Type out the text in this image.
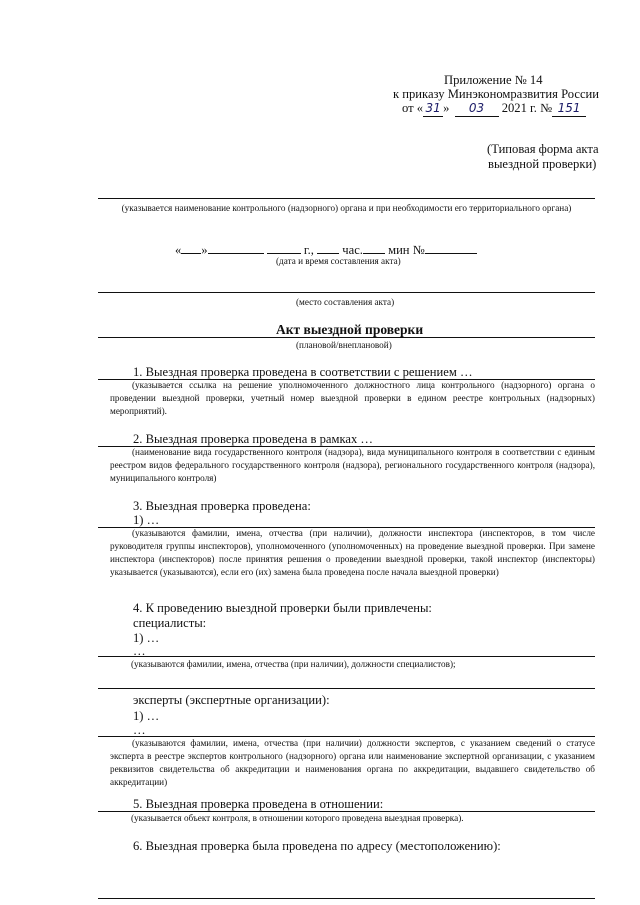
Приложение № 14
к приказу Минэкономразвития России
от « 31 » 03 2021 г. № 151
(Типовая форма акта
выездной проверки)
(указывается наименование контрольного (надзорного) органа и при необходимости его территориального органа)
« »	г., час. мин №
(дата и время составления акта)
(место составления акта)
Акт выездной проверки
(плановой/внеплановой)
1. Выездная проверка проведена в соответствии с решением …
(указывается ссылка на решение уполномоченного должностного лица контрольного (надзорного) органа о проведении выездной проверки, учетный номер выездной проверки в едином реестре контрольных (надзорных) мероприятий).
2. Выездная проверка проведена в рамках …
(наименование вида государственного контроля (надзора), вида муниципального контроля в соответствии с единым реестром видов федерального государственного контроля (надзора), регионального государственного контроля (надзора), муниципального контроля)
3. Выездная проверка проведена:
1) …
(указываются фамилии, имена, отчества (при наличии), должности инспектора (инспекторов, в том числе руководителя группы инспекторов), уполномоченного (уполномоченных) на проведение выездной проверки. При замене инспектора (инспекторов) после принятия решения о проведении выездной проверки, такой инспектор (инспекторы) указывается (указываются), если его (их) замена была проведена после начала выездной проверки)
4. К проведению выездной проверки были привлечены:
специалисты:
1) …
…
(указываются фамилии, имена, отчества (при наличии), должности специалистов);
эксперты (экспертные организации):
1) …
…
(указываются фамилии, имена, отчества (при наличии) должности экспертов, с указанием сведений о статусе эксперта в реестре экспертов контрольного (надзорного) органа или наименование экспертной организации, с указанием реквизитов свидетельства об аккредитации и наименования органа по аккредитации, выдавшего свидетельство об аккредитации)
5. Выездная проверка проведена в отношении:
(указывается объект контроля, в отношении которого проведена выездная проверка).
6. Выездная проверка была проведена по адресу (местоположению):
